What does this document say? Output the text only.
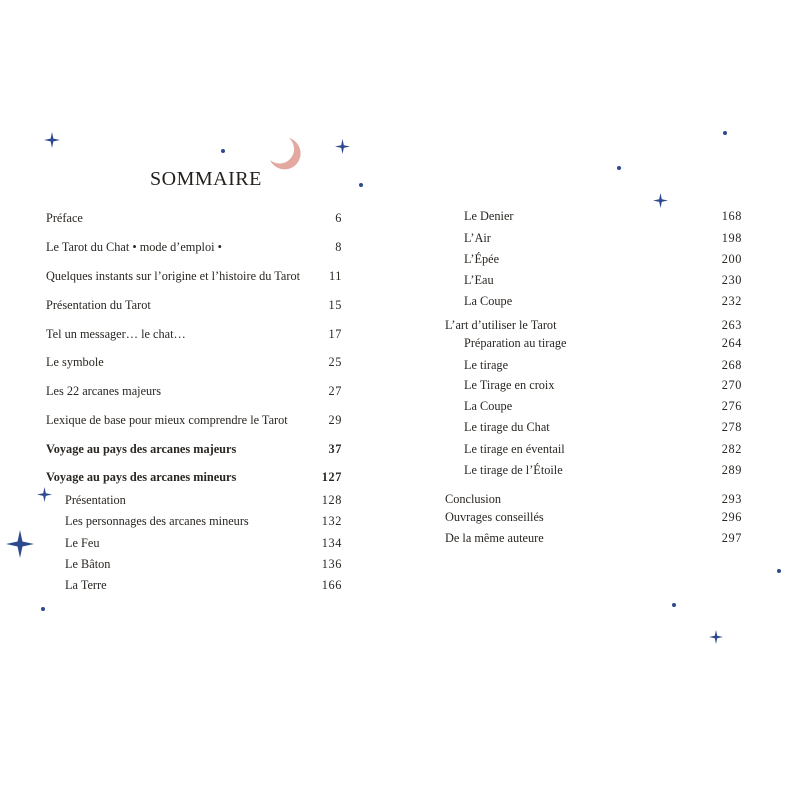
SOMMAIRE
Préface	6
Le Tarot du Chat • mode d’emploi •	8
Quelques instants sur l’origine et l’histoire du Tarot 11
Présentation du Tarot	15
Tel un messager… le chat…	17
Le symbole	25
Les 22 arcanes majeurs	27
Lexique de base pour mieux comprendre le Tarot	29
Voyage au pays des arcanes majeurs	37
Voyage au pays des arcanes mineurs	127
Présentation	128
Les personnages des arcanes mineurs	132
Le Feu	134
Le Bâton	136
La Terre	166
Le Denier	168
L’Air	198
L’Épée	200
L’Eau	230
La Coupe	232
L’art d’utiliser le Tarot	263
Préparation au tirage	264
Le tirage	268
Le Tirage en croix	270
La Coupe	276
Le tirage du Chat	278
Le tirage en éventail	282
Le tirage de l’Étoile	289
Conclusion	293
Ouvrages conseillés	296
De la même auteure	297
